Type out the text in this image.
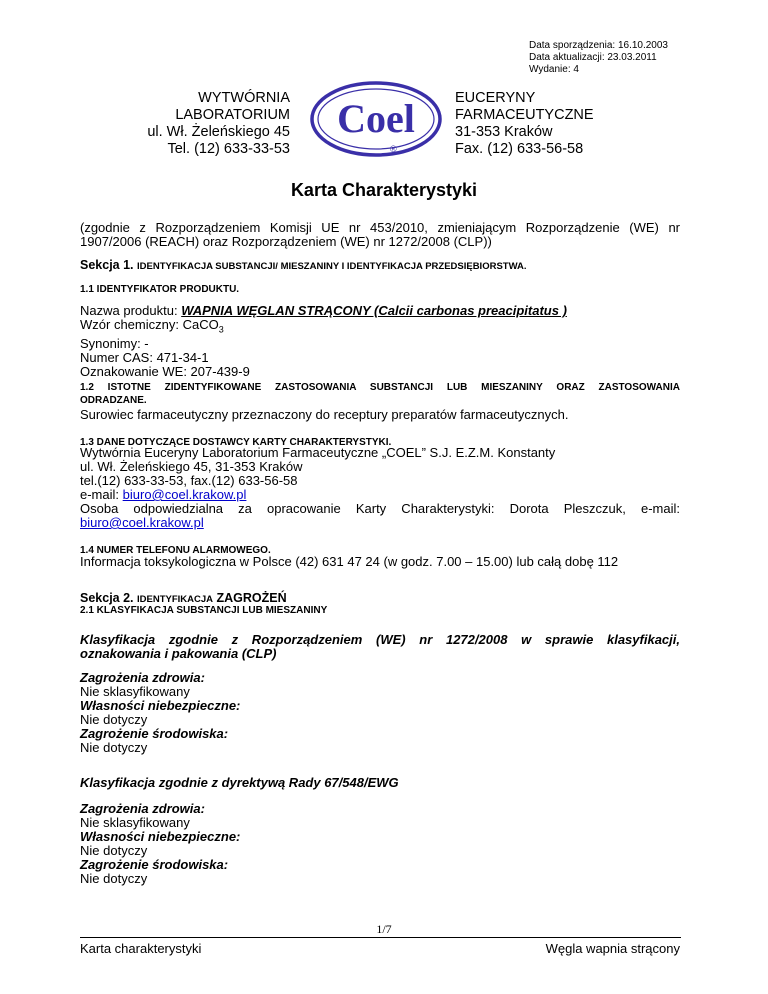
Data sporządzenia: 16.10.2003
Data aktualizacji: 23.03.2011
Wydanie: 4
WYTWÓRNIA
LABORATORIUM
ul. Wł. Żeleńskiego 45
Tel. (12) 633-33-53
Coel
®
EUCERYNY
FARMACEUTYCZNE
31-353 Kraków
Fax. (12) 633-56-58
Karta Charakterystyki
(zgodnie z Rozporządzeniem Komisji UE nr 453/2010, zmieniającym Rozporządzenie (WE) nr 1907/2006 (REACH) oraz Rozporządzeniem (WE) nr 1272/2008 (CLP))
Sekcja 1. IDENTYFIKACJA SUBSTANCJI/ MIESZANINY I IDENTYFIKACJA PRZEDSIĘBIORSTWA.
1.1 IDENTYFIKATOR PRODUKTU.
Nazwa produktu: WAPNIA WĘGLAN STRĄCONY (Calcii carbonas preacipitatus )
Wzór chemiczny: CaCO$_3$
Synonimy: -
Numer CAS: 471-34-1
Oznakowanie WE: 207-439-9
1.2 ISTOTNE ZIDENTYFIKOWANE ZASTOSOWANIA SUBSTANCJI LUB MIESZANINY ORAZ ZASTOSOWANIA
ODRADZANE.
Surowiec farmaceutyczny przeznaczony do receptury preparatów farmaceutycznych.
1.3 DANE DOTYCZĄCE DOSTAWCY KARTY CHARAKTERYSTYKI.
Wytwórnia Euceryny Laboratorium Farmaceutyczne „COEL” S.J. E.Z.M. Konstanty
ul. Wł. Żeleńskiego 45, 31-353 Kraków
tel.(12) 633-33-53, fax.(12) 633-56-58
e-mail: biuro@coel.krakow.pl
Osoba odpowiedzialna za opracowanie Karty Charakterystyki: Dorota Pleszczuk, e-mail:
biuro@coel.krakow.pl
1.4 NUMER TELEFONU ALARMOWEGO.
Informacja toksykologiczna w Polsce (42) 631 47 24 (w godz. 7.00 – 15.00) lub całą dobę 112
Sekcja 2. IDENTYFIKACJA ZAGROŻEŃ
2.1 KLASYFIKACJA SUBSTANCJI LUB MIESZANINY
Klasyfikacja zgodnie z Rozporządzeniem (WE) nr 1272/2008 w sprawie klasyfikacji,
oznakowania i pakowania (CLP)
Zagrożenia zdrowia:
Nie sklasyfikowany
Własności niebezpieczne:
Nie dotyczy
Zagrożenie środowiska:
Nie dotyczy
Klasyfikacja zgodnie z dyrektywą Rady 67/548/EWG
Zagrożenia zdrowia:
Nie sklasyfikowany
Własności niebezpieczne:
Nie dotyczy
Zagrożenie środowiska:
Nie dotyczy
1/7
Karta charakterystyki	Węgla wapnia strącony
